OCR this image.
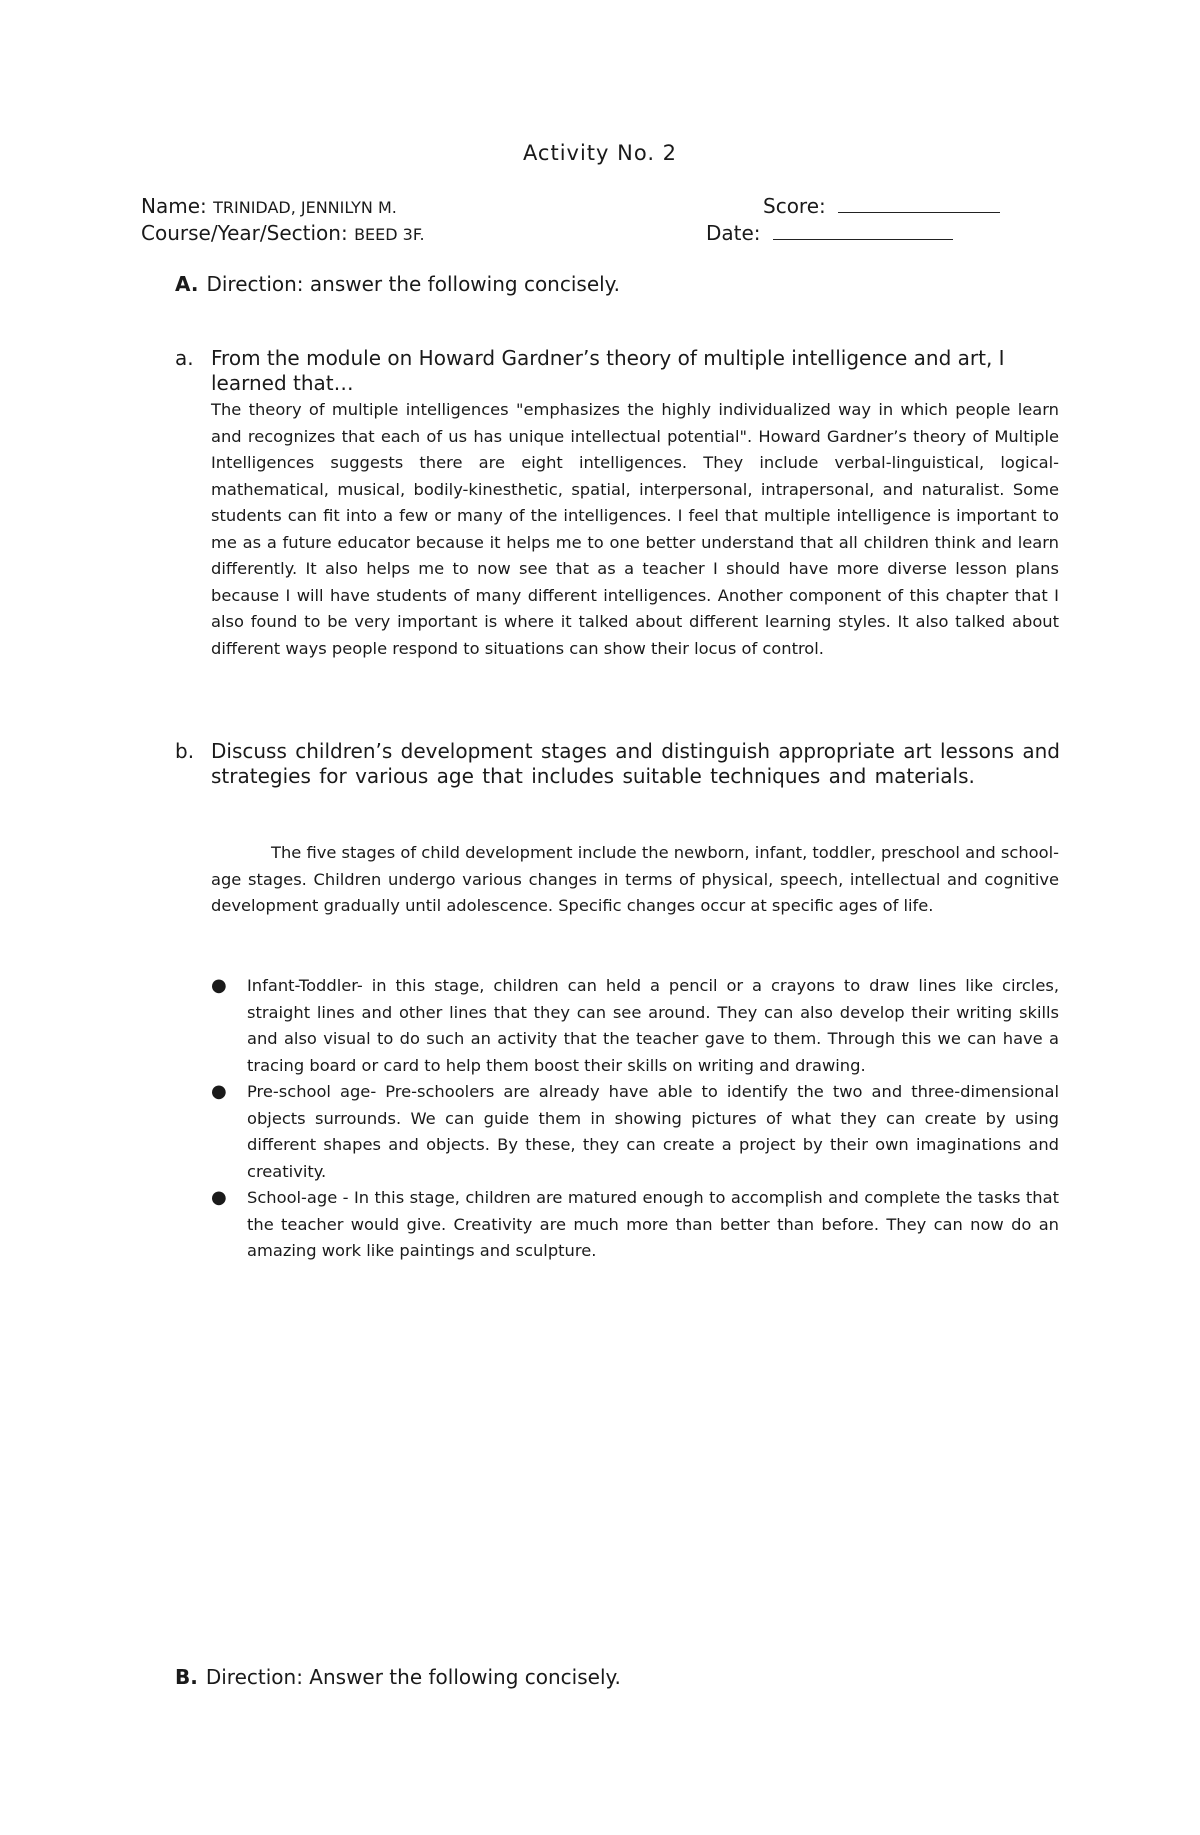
Activity No. 2
Name: TRINIDAD, JENNILYN M.
Course/Year/Section: BEED 3F.
Score:
Date:
A. Direction: answer the following concisely.
a. From the module on Howard Gardner’s theory of multiple intelligence and art, I learned that…

The theory of multiple intelligences "emphasizes the highly individualized way in which people learn and recognizes that each of us has unique intellectual potential". Howard Gardner’s theory of Multiple Intelligences suggests there are eight intelligences. They include verbal-linguistical, logical-mathematical, musical, bodily-kinesthetic, spatial, interpersonal, intrapersonal, and naturalist. Some students can fit into a few or many of the intelligences. I feel that multiple intelligence is important to me as a future educator because it helps me to one better understand that all children think and learn differently. It also helps me to now see that as a teacher I should have more diverse lesson plans because I will have students of many different intelligences. Another component of this chapter that I also found to be very important is where it talked about different learning styles. It also talked about different ways people respond to situations can show their locus of control.

b. Discuss children’s development stages and distinguish appropriate art lessons and strategies for various age that includes suitable techniques and materials.

The five stages of child development include the newborn, infant, toddler, preschool and school-age stages. Children undergo various changes in terms of physical, speech, intellectual and cognitive development gradually until adolescence. Specific changes occur at specific ages of life.

● Infant-Toddler- in this stage, children can held a pencil or a crayons to draw lines like circles, straight lines and other lines that they can see around. They can also develop their writing skills and also visual to do such an activity that the teacher gave to them. Through this we can have a tracing board or card to help them boost their skills on writing and drawing.
● Pre-school age- Pre-schoolers are already have able to identify the two and three-dimensional objects surrounds. We can guide them in showing pictures of what they can create by using different shapes and objects. By these, they can create a project by their own imaginations and creativity.
● School-age - In this stage, children are matured enough to accomplish and complete the tasks that the teacher would give. Creativity are much more than better than before. They can now do an amazing work like paintings and sculpture.
B. Direction: Answer the following concisely.
